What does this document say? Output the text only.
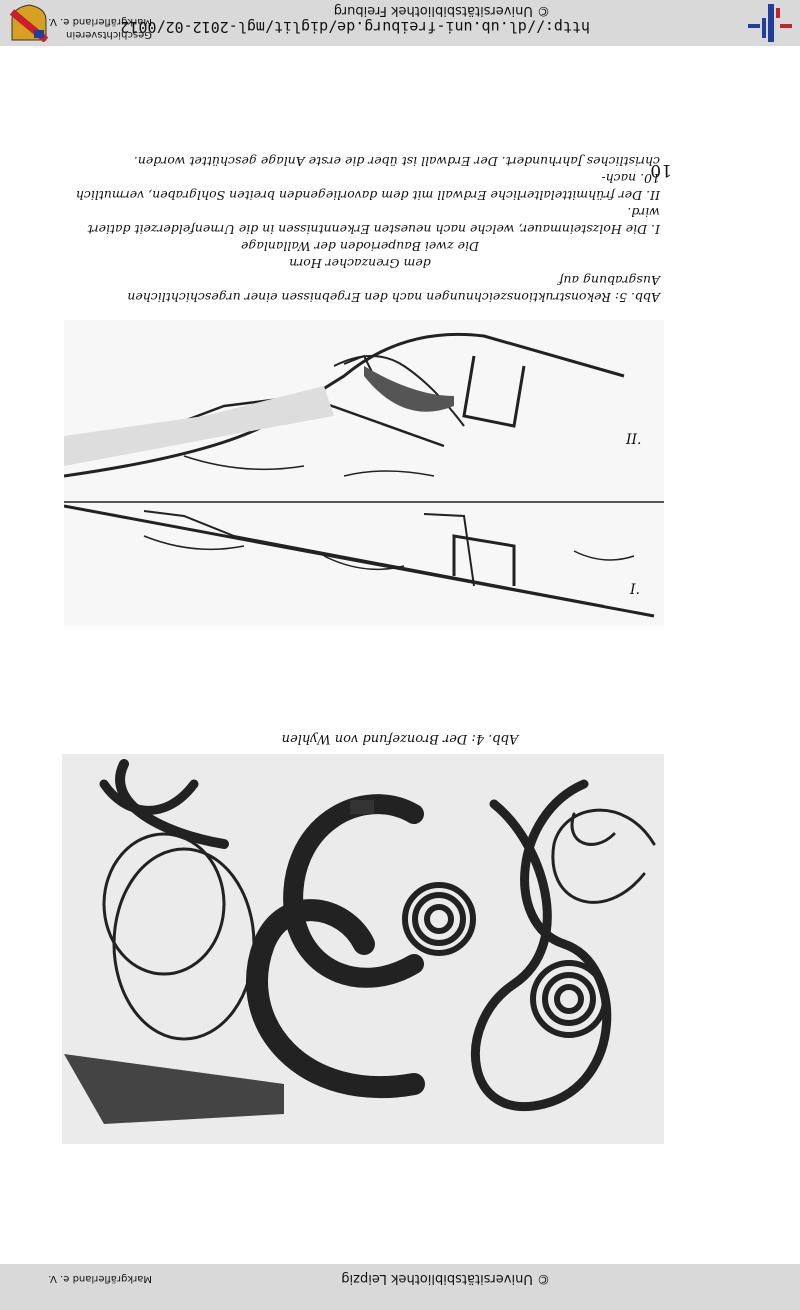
http://dl.ub.uni-freiburg.de/diglit/mgl-2012-02/0012
© Universitätsbibliothek Freiburg
Geschichtsverein
Markgräflerland e. V.
© Universitätsbibliothek Leipzig
Markgräflerland e. V.
Abb. 4: Der Bronzefund von Wyhlen
I.
II.
Abb. 5: Rekonstruktionszeichnungen nach den Ergebnissen einer urgeschichtlichen Ausgrabung auf
dem Grenzacher Horn
Die zwei Bauperioden der Wallanlage
I. Die Holzsteinmauer, welche nach neuesten Erkenntnissen in die Urnenfelderzeit datiert wird.
II. Der frühmittelalterliche Erdwall mit dem davorliegenden breiten Sohlgraben, vermutlich 10. nach-
christliches Jahrhundert. Der Erdwall ist über die erste Anlage geschüttet worden.
10
